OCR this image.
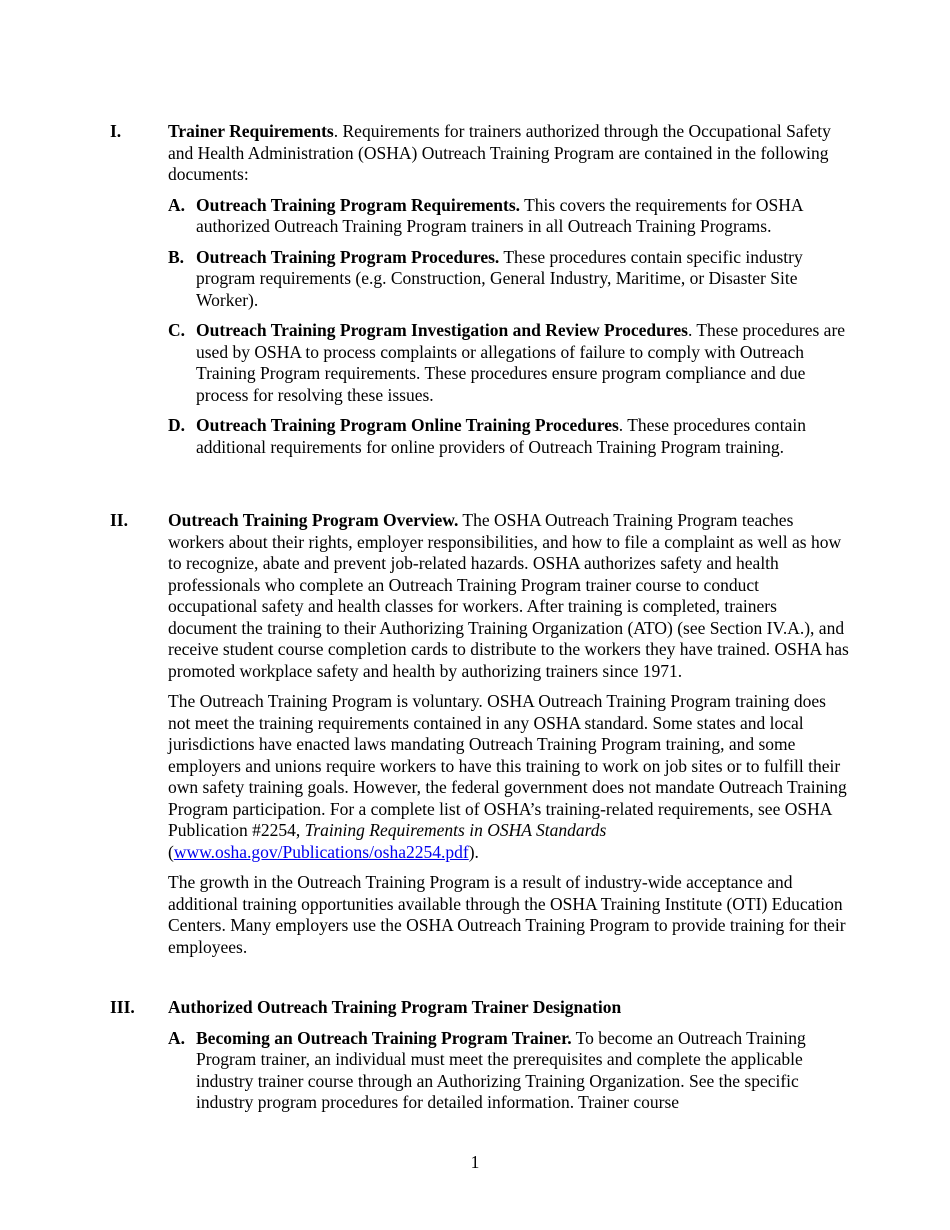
I.	Trainer Requirements. Requirements for trainers authorized through the Occupational Safety and Health Administration (OSHA) Outreach Training Program are contained in the following documents:

A. Outreach Training Program Requirements. This covers the requirements for OSHA authorized Outreach Training Program trainers in all Outreach Training Programs.
B. Outreach Training Program Procedures. These procedures contain specific industry program requirements (e.g. Construction, General Industry, Maritime, or Disaster Site Worker).
C. Outreach Training Program Investigation and Review Procedures. These procedures are used by OSHA to process complaints or allegations of failure to comply with Outreach Training Program requirements. These procedures ensure program compliance and due process for resolving these issues.
D. Outreach Training Program Online Training Procedures. These procedures contain additional requirements for online providers of Outreach Training Program training.
II. Outreach Training Program Overview. The OSHA Outreach Training Program teaches workers about their rights, employer responsibilities, and how to file a complaint as well as how to recognize, abate and prevent job-related hazards. OSHA authorizes safety and health professionals who complete an Outreach Training Program trainer course to conduct occupational safety and health classes for workers. After training is completed, trainers document the training to their Authorizing Training Organization (ATO) (see Section IV.A.), and receive student course completion cards to distribute to the workers they have trained. OSHA has promoted workplace safety and health by authorizing trainers since 1971.

The Outreach Training Program is voluntary. OSHA Outreach Training Program training does not meet the training requirements contained in any OSHA standard. Some states and local jurisdictions have enacted laws mandating Outreach Training Program training, and some employers and unions require workers to have this training to work on job sites or to fulfill their own safety training goals. However, the federal government does not mandate Outreach Training Program participation. For a complete list of OSHA’s training-related requirements, see OSHA Publication #2254, Training Requirements in OSHA Standards (www.osha.gov/Publications/osha2254.pdf).

The growth in the Outreach Training Program is a result of industry-wide acceptance and additional training opportunities available through the OSHA Training Institute (OTI) Education Centers. Many employers use the OSHA Outreach Training Program to provide training for their employees.

III. Authorized Outreach Training Program Trainer Designation

A. Becoming an Outreach Training Program Trainer. To become an Outreach Training Program trainer, an individual must meet the prerequisites and complete the applicable industry trainer course through an Authorizing Training Organization. See the specific industry program procedures for detailed information. Trainer course
1
